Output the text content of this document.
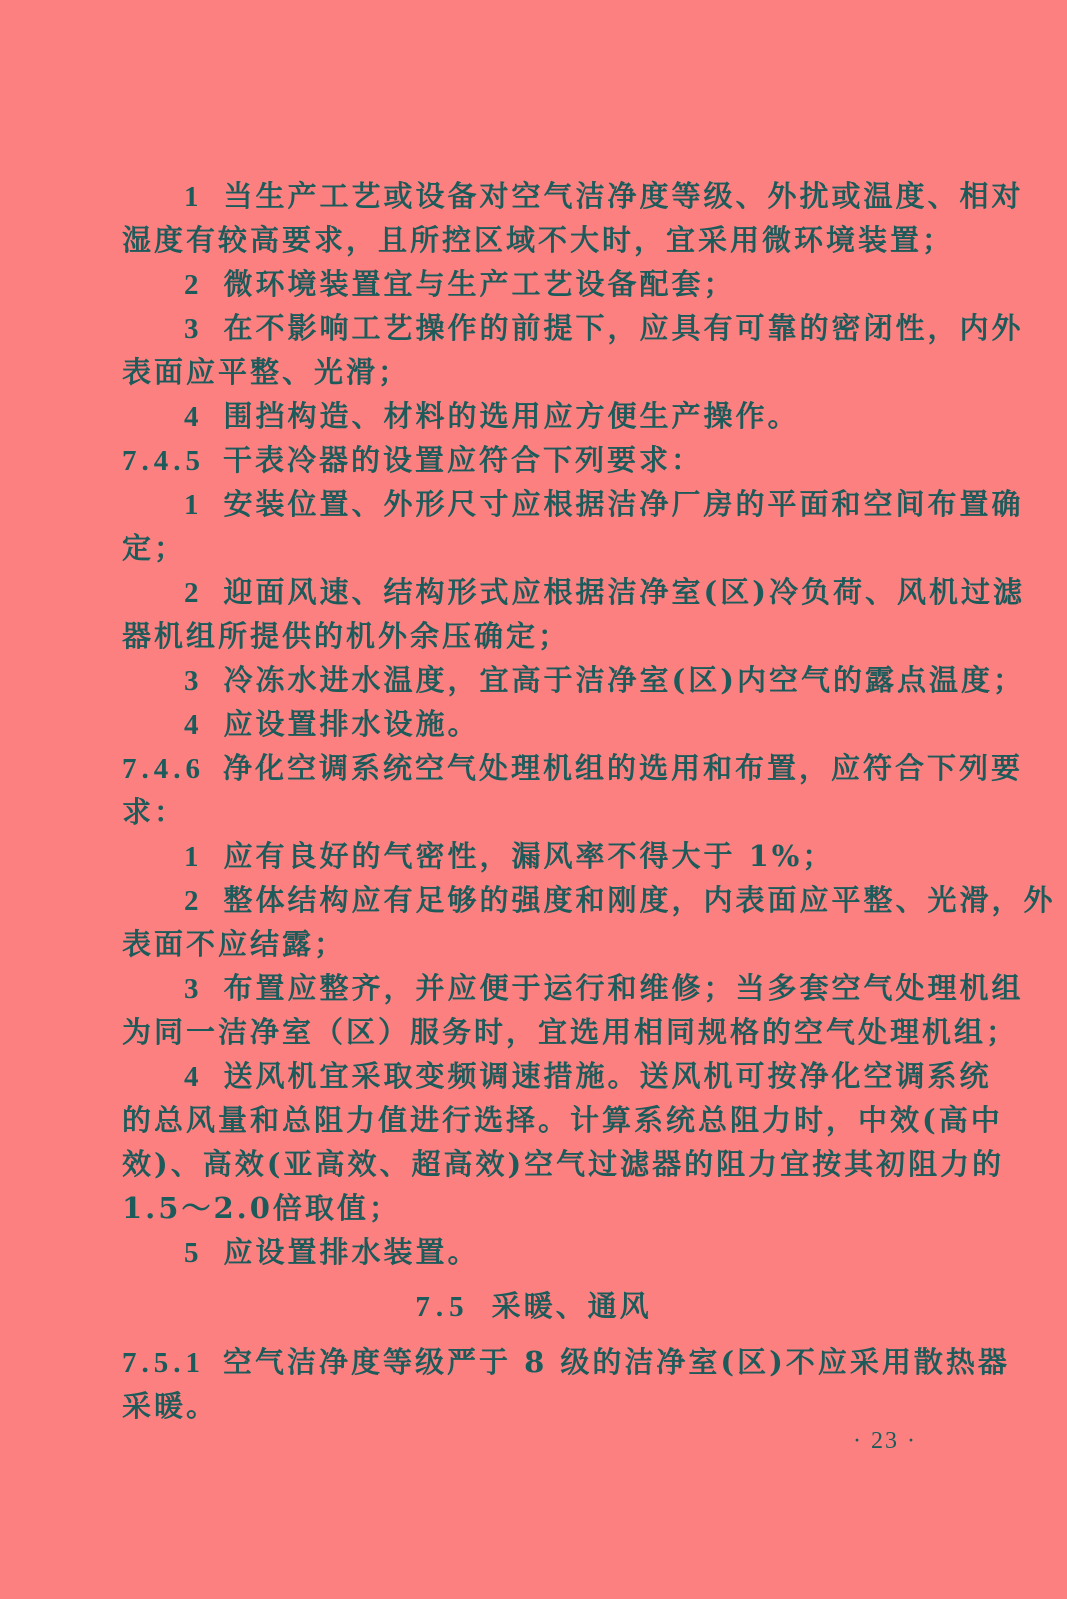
1 当生产工艺或设备对空气洁净度等级、外扰或温度、相对
湿度有较高要求，且所控区域不大时，宜采用微环境装置；
2 微环境装置宜与生产工艺设备配套；
3 在不影响工艺操作的前提下，应具有可靠的密闭性，内外
表面应平整、光滑；
4 围挡构造、材料的选用应方便生产操作。
7.4.5 干表冷器的设置应符合下列要求：
1 安装位置、外形尺寸应根据洁净厂房的平面和空间布置确
定；
2 迎面风速、结构形式应根据洁净室(区)冷负荷、风机过滤
器机组所提供的机外余压确定；
3 冷冻水进水温度，宜高于洁净室(区)内空气的露点温度；
4 应设置排水设施。
7.4.6 净化空调系统空气处理机组的选用和布置，应符合下列要
求：
1 应有良好的气密性，漏风率不得大于 1%；
2 整体结构应有足够的强度和刚度，内表面应平整、光滑，外
表面不应结露；
3 布置应整齐，并应便于运行和维修；当多套空气处理机组
为同一洁净室（区）服务时，宜选用相同规格的空气处理机组；
4 送风机宜采取变频调速措施。送风机可按净化空调系统
的总风量和总阻力值进行选择。计算系统总阻力时，中效(高中
效)、高效(亚高效、超高效)空气过滤器的阻力宜按其初阻力的
1.5～2.0倍取值；
5 应设置排水装置。
7.5 采暖、通风
7.5.1 空气洁净度等级严于 8 级的洁净室(区)不应采用散热器
采暖。
· 23 ·
